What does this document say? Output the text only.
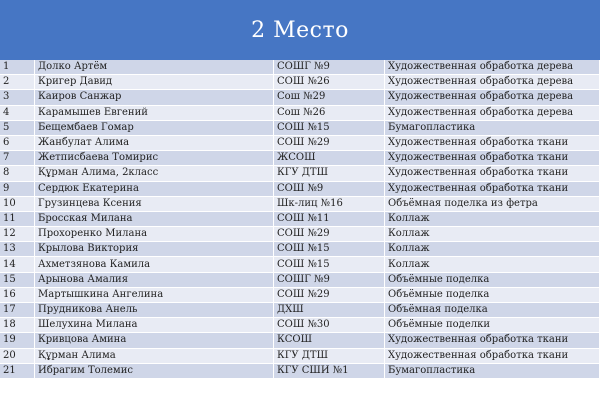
2 Место
1	Долко Артём	СОШГ №9	Художественная обработка дерева
2	Кригер Давид	СОШ №26	Художественная обработка дерева
3	Каиров Санжар	Сош №29	Художественная обработка дерева
4	Карамышев Евгений	Сош №26	Художественная обработка дерева
5	Бещембаев Гомар	СОШ №15	Бумагопластика
6	Жанбулат Алима	СОШ №29	Художественная обработка ткани
7	Жетписбаева Томирис	ЖСОШ	Художественная обработка ткани
8	Құрман Алима, 2класс	КГУ ДТШ	Художественная обработка ткани
9	Сердюк Екатерина	СОШ №9	Художественная обработка ткани
10	Грузинцева Ксения	Шк-лиц №16	Объёмная поделка из фетра
11	Бросская Милана	СОШ №11	Коллаж
12	Прохоренко Милана	СОШ №29	Коллаж
13	Крылова Виктория	СОШ №15	Коллаж
14	Ахметзянова Камила	СОШ №15	Коллаж
15	Арынова Амалия	СОШГ №9	Объёмные поделка
16	Мартышкина Ангелина	СОШ №29	Объёмные поделка
17	Прудникова Анель	ДХШ	Объёмная поделка
18	Шелухина Милана	СОШ №30	Объёмные поделки
19	Кривцова Амина	КСОШ	Художественная обработка ткани
20	Құрман Алима	КГУ ДТШ	Художественная обработка ткани
21	Ибрагим Толемис	КГУ СШИ №1	Бумагопластика
